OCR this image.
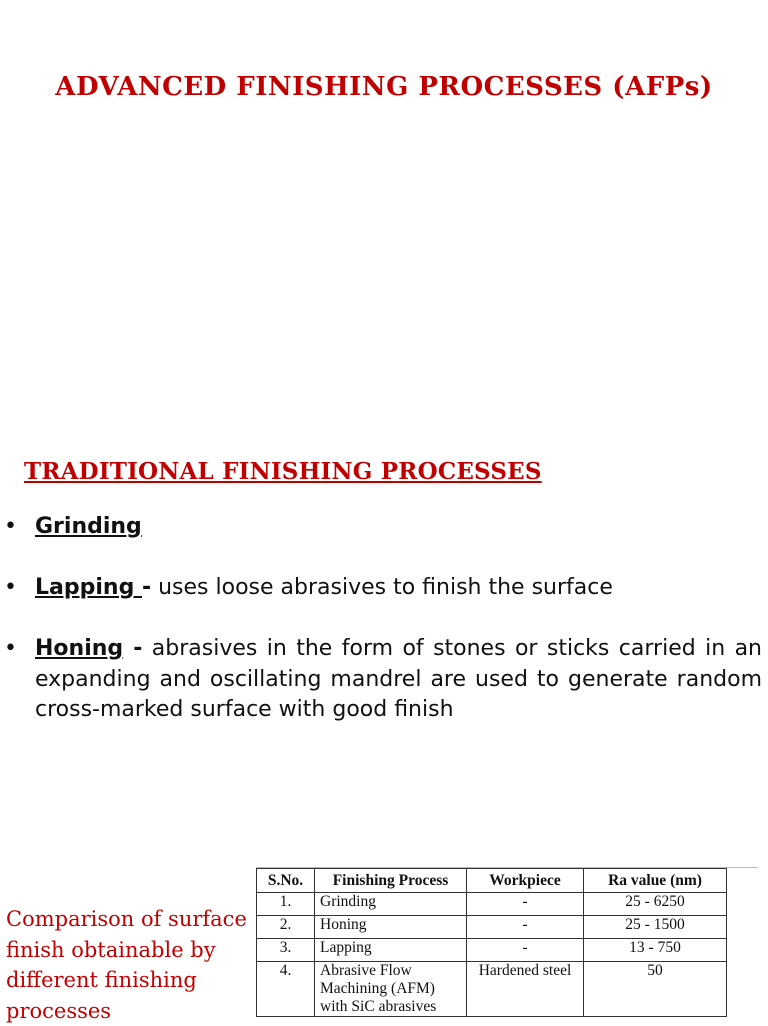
ADVANCED FINISHING PROCESSES (AFPs)
TRADITIONAL FINISHING PROCESSES
• Grinding
• Lapping - uses loose abrasives to finish the surface
• Honing - abrasives in the form of stones or sticks carried in an expanding and oscillating mandrel are used to generate random cross-marked surface with good finish

Comparison of surface finish obtainable by different finishing processes

S.No.	Finishing Process	Workpiece	Ra value (nm)
1.	Grinding	-	25 - 6250
2.	Honing	-	25 - 1500
3.	Lapping	-	13 - 750
4.	Abrasive Flow Machining (AFM) with SiC abrasives	Hardened steel	50
